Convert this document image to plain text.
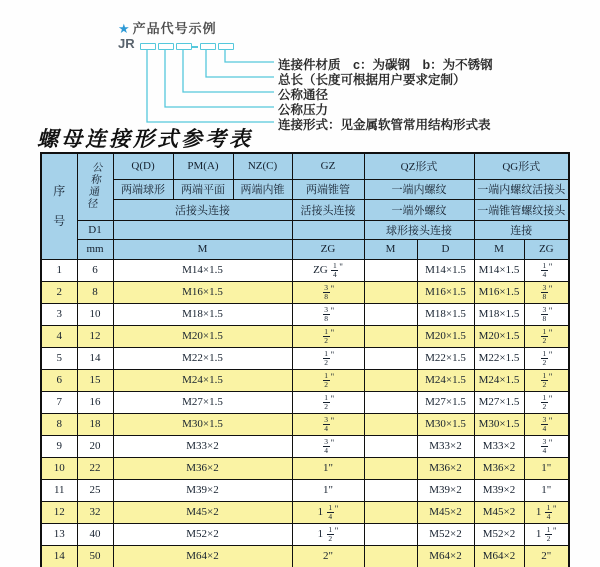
★ 产品代号示例
JR
连接件材质　c：为碳钢　b：为不锈钢
总长（长度可根据用户要求定制）
公称通径
公称压力
连接形式：见金属软管常用结构形式表
螺母连接形式参考表
序
号	公
称
通
径	Q(D)	PM(A)	NZ(C)	GZ	QZ形式		QG形式	
		两端球形	两端平面	两端内锥	两端锥管	一端内螺纹		一端内螺纹活接头	
		活接头连接			活接头连接	一端外螺纹		一端锥管螺纹接头	
	D1					球形接头连接		连接	
	mm	M			ZG	M	D	M	ZG
1	6	M14×1.5			ZG $\frac{1}{4} ^"$		M14×1.5	M14×1.5	$\frac{1}{4} ^"$
2	8	M16×1.5			$\frac{3}{8} ^"$		M16×1.5	M16×1.5	$\frac{3}{8} ^"$
3	10	M18×1.5			$\frac{3}{8} ^"$		M18×1.5	M18×1.5	$\frac{3}{8} ^"$
4	12	M20×1.5			$\frac{1}{2} ^"$		M20×1.5	M20×1.5	$\frac{1}{2} ^"$
5	14	M22×1.5			$\frac{1}{2} ^"$		M22×1.5	M22×1.5	$\frac{1}{2} ^"$
6	15	M24×1.5			$\frac{1}{2} ^"$		M24×1.5	M24×1.5	$\frac{1}{2} ^"$
7	16	M27×1.5			$\frac{1}{2} ^"$		M27×1.5	M27×1.5	$\frac{1}{2} ^"$
8	18	M30×1.5			$\frac{3}{4} ^"$		M30×1.5	M30×1.5	$\frac{3}{4} ^"$
9	20	M33×2			$\frac{3}{4} ^"$		M33×2	M33×2	$\frac{3}{4} ^"$
10	22	M36×2			1"		M36×2	M36×2	1"
11	25	M39×2			1"		M39×2	M39×2	1"
12	32	M45×2			$1 \frac{1}{4} ^"$		M45×2	M45×2	$1 \frac{1}{4} ^"$
13	40	M52×2			$1 \frac{1}{2} ^"$		M52×2	M52×2	$1 \frac{1}{2} ^"$
14	50	M64×2			2"		M64×2	M64×2	2"
